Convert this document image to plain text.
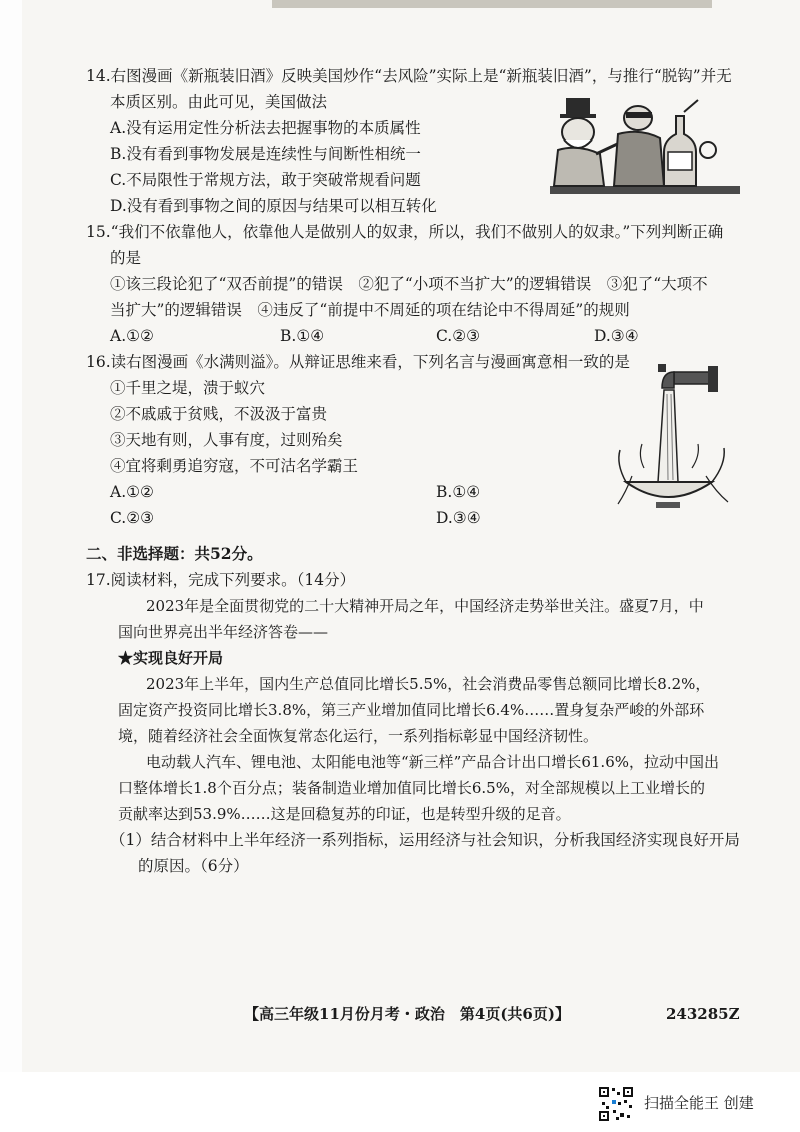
14.右图漫画《新瓶装旧酒》反映美国炒作“去风险”实际上是“新瓶装旧酒”，与推行“脱钩”并无
本质区别。由此可见，美国做法
A.没有运用定性分析法去把握事物的本质属性
B.没有看到事物发展是连续性与间断性相统一
C.不局限性于常规方法，敢于突破常规看问题
D.没有看到事物之间的原因与结果可以相互转化
15.“我们不依靠他人，依靠他人是做别人的奴隶，所以，我们不做别人的奴隶。”下列判断正确
的是
①该三段论犯了“双否前提”的错误　②犯了“小项不当扩大”的逻辑错误　③犯了“大项不
当扩大”的逻辑错误　④违反了“前提中不周延的项在结论中不得周延”的规则
A.①②	B.①④	C.②③	D.③④
16.读右图漫画《水满则溢》。从辩证思维来看，下列名言与漫画寓意相一致的是
①千里之堤，溃于蚁穴
②不戚戚于贫贱，不汲汲于富贵
③天地有则，人事有度，过则殆矣
④宜将剩勇追穷寇，不可沽名学霸王
A.①②	B.①④
C.②③	D.③④
二、非选择题：共52分。
17.阅读材料，完成下列要求。（14分）
2023年是全面贯彻党的二十大精神开局之年，中国经济走势举世关注。盛夏7月，中
国向世界亮出半年经济答卷——
★实现良好开局
2023年上半年，国内生产总值同比增长5.5%，社会消费品零售总额同比增长8.2%，
固定资产投资同比增长3.8%，第三产业增加值同比增长6.4%……置身复杂严峻的外部环
境，随着经济社会全面恢复常态化运行，一系列指标彰显中国经济韧性。
电动载人汽车、锂电池、太阳能电池等“新三样”产品合计出口增长61.6%，拉动中国出
口整体增长1.8个百分点；装备制造业增加值同比增长6.5%，对全部规模以上工业增长的
贡献率达到53.9%……这是回稳复苏的印证，也是转型升级的足音。
（1）结合材料中上半年经济一系列指标，运用经济与社会知识，分析我国经济实现良好开局
的原因。（6分）
【高三年级11月份月考・政治　第4页(共6页)】	243285Z
扫描全能王 创建
